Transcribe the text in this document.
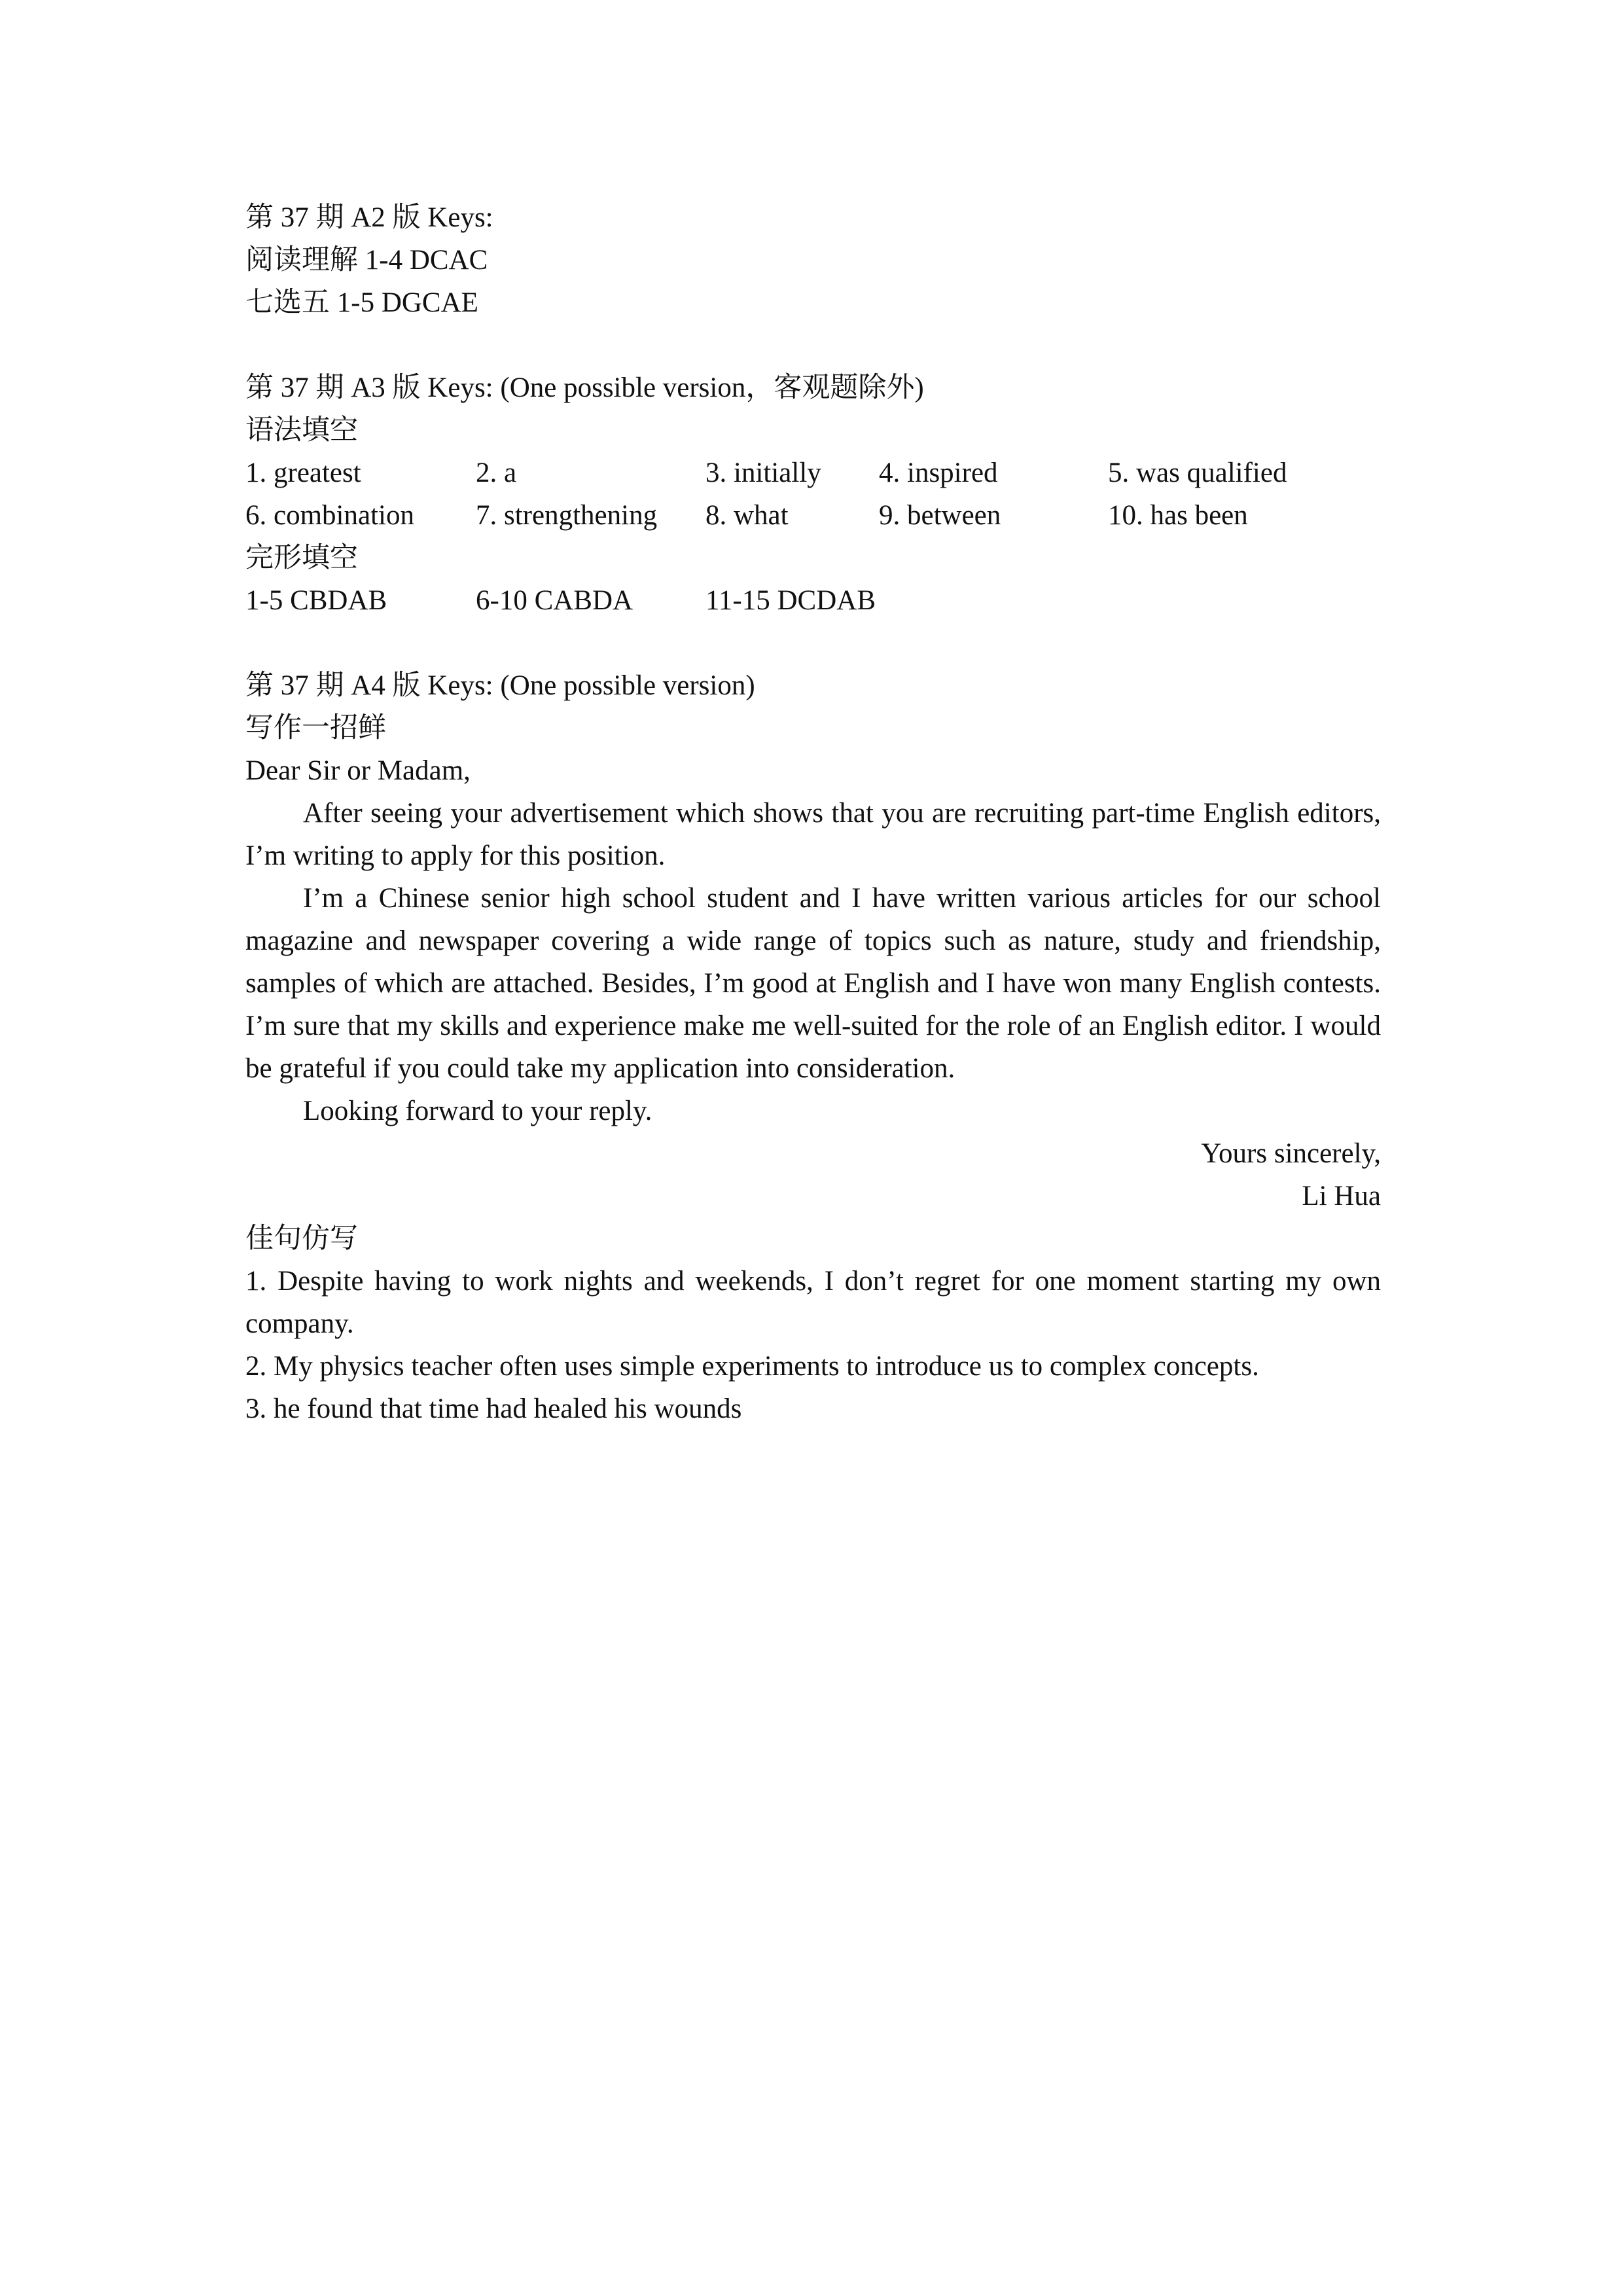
第 37 期 A2 版 Keys:
阅读理解 1-4 DCAC
七选五 1-5 DGCAE
第 37 期 A3 版 Keys: (One possible version，客观题除外)
语法填空
1. greatest	2. a	3. initially 4. inspired	5. was qualified
6. combination 7. strengthening 8. what	9. between	10. has been
完形填空
1-5 CBDAB	6-10 CABDA	11-15 DCDAB
第 37 期 A4 版 Keys: (One possible version)
写作一招鲜
Dear Sir or Madam,

After seeing your advertisement which shows that you are recruiting part-time English editors, I’m writing to apply for this position.

I’m a Chinese senior high school student and I have written various articles for our school magazine and newspaper covering a wide range of topics such as nature, study and friendship, samples of which are attached. Besides, I’m good at English and I have won many English contests. I’m sure that my skills and experience make me well-suited for the role of an English editor. I would be grateful if you could take my application into consideration.

Looking forward to your reply.

Yours sincerely,
Li Hua
佳句仿写

1. Despite having to work nights and weekends, I don’t regret for one moment starting my own company.

2. My physics teacher often uses simple experiments to introduce us to complex concepts.

3. he found that time had healed his wounds
